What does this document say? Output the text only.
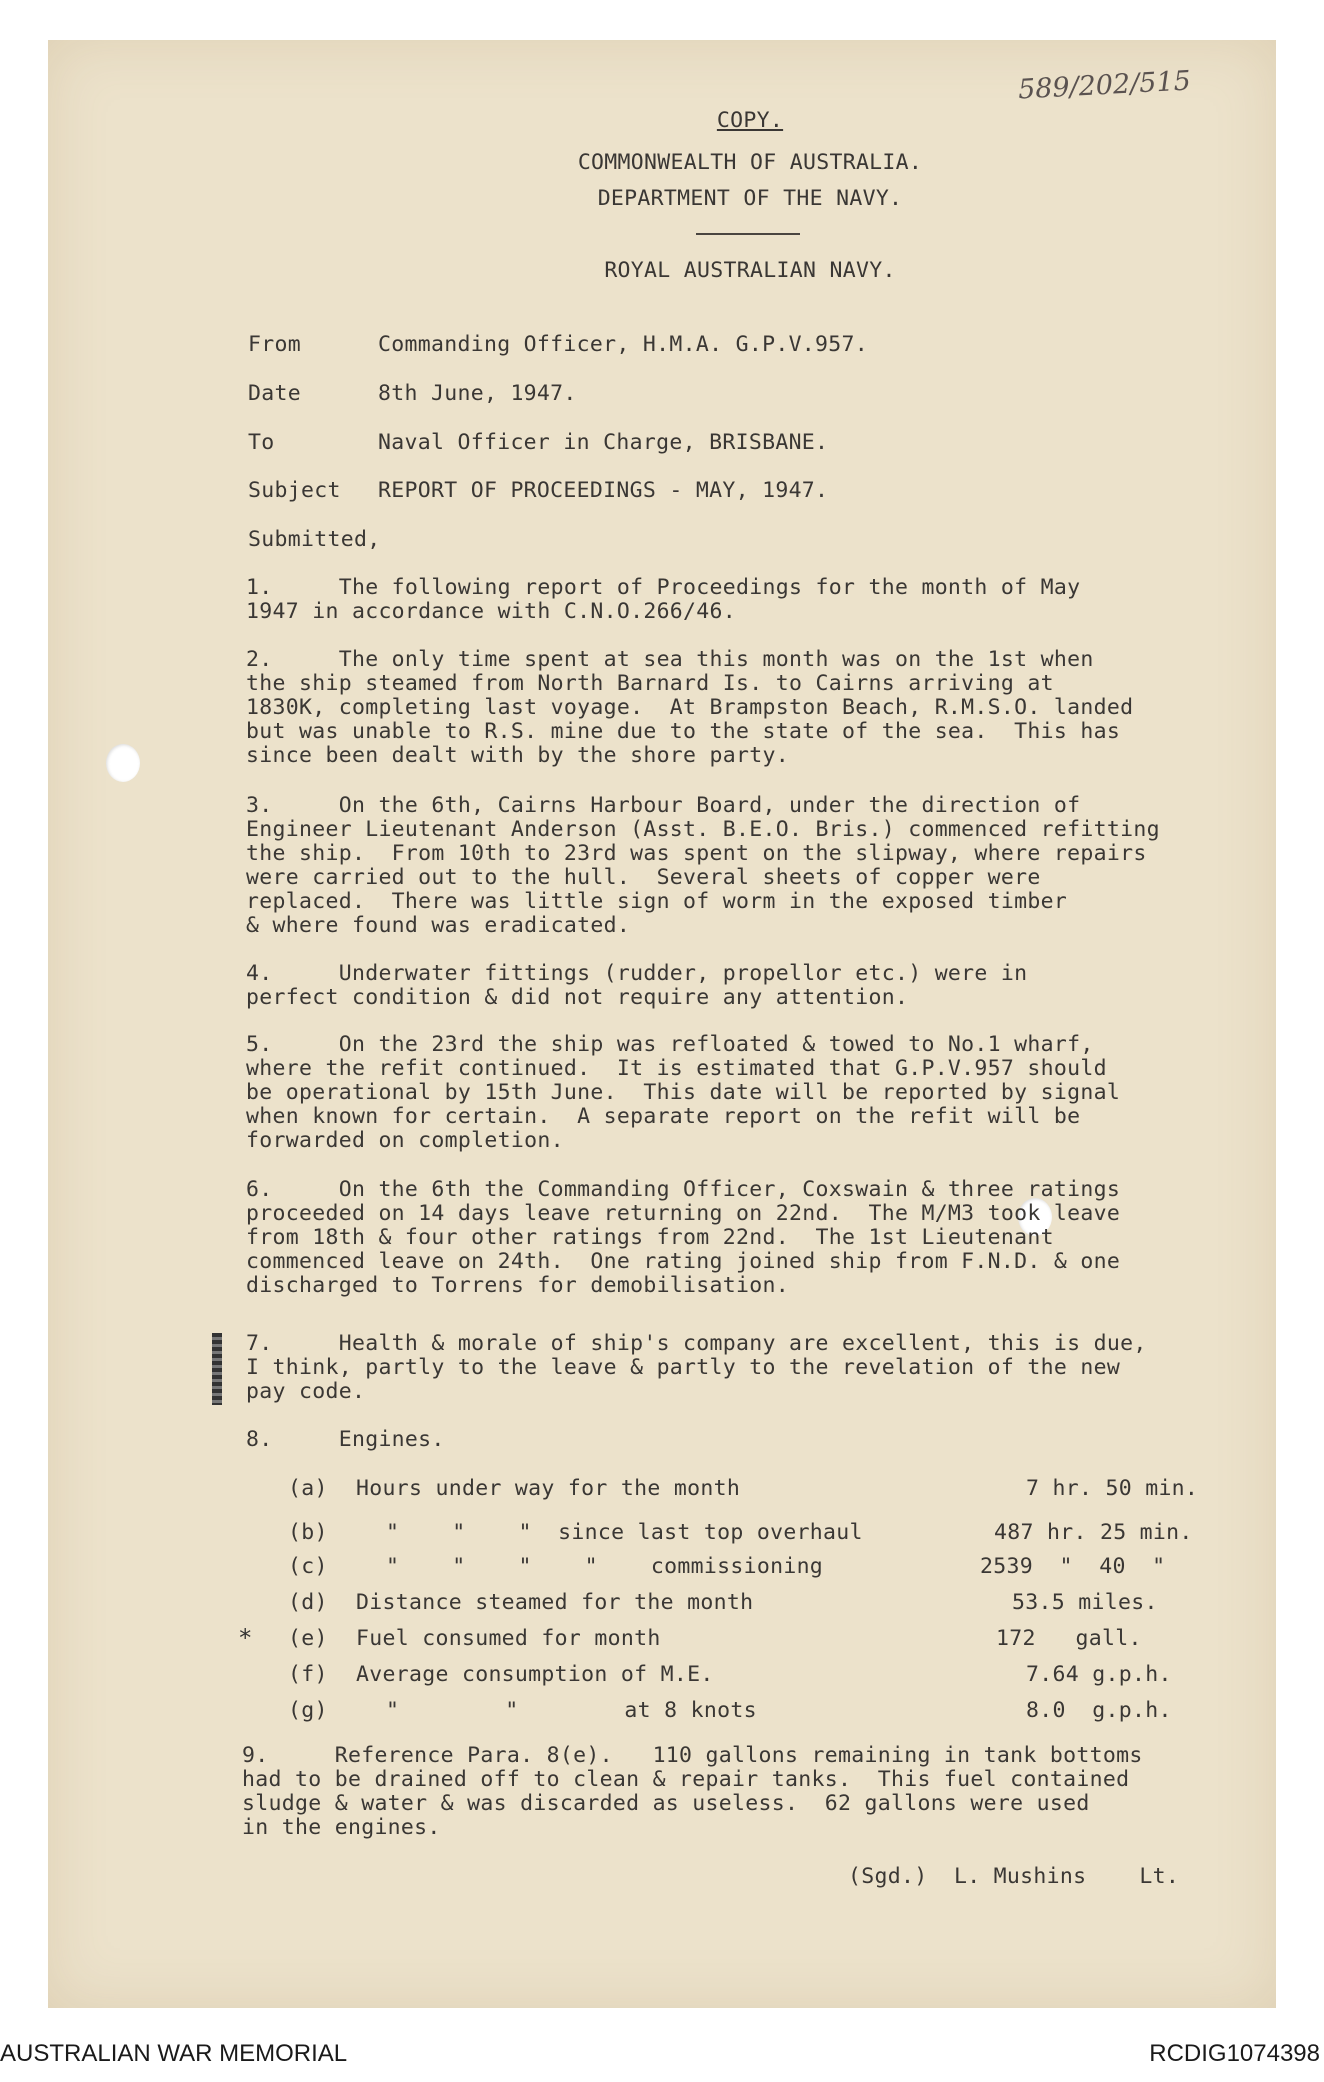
589/202/515
COPY.
COMMONWEALTH OF AUSTRALIA.
DEPARTMENT OF THE NAVY.
ROYAL AUSTRALIAN NAVY.
From	Commanding Officer, H.M.A. G.P.V.957.
Date	8th June, 1947.
To	Naval Officer in Charge, BRISBANE.
Subject REPORT OF PROCEEDINGS - MAY, 1947.
Submitted,
1.     The following report of Proceedings for the month of May
1947 in accordance with C.N.O.266/46.
2.     The only time spent at sea this month was on the 1st when
the ship steamed from North Barnard Is. to Cairns arriving at
1830K, completing last voyage.  At Brampston Beach, R.M.S.O. landed
but was unable to R.S. mine due to the state of the sea.  This has
since been dealt with by the shore party.
3.     On the 6th, Cairns Harbour Board, under the direction of
Engineer Lieutenant Anderson (Asst. B.E.O. Bris.) commenced refitting
the ship.  From 10th to 23rd was spent on the slipway, where repairs
were carried out to the hull.  Several sheets of copper were
replaced.  There was little sign of worm in the exposed timber
& where found was eradicated.
4.     Underwater fittings (rudder, propellor etc.) were in
perfect condition & did not require any attention.
5.     On the 23rd the ship was refloated & towed to No.1 wharf,
where the refit continued.  It is estimated that G.P.V.957 should
be operational by 15th June.  This date will be reported by signal
when known for certain.  A separate report on the refit will be
forwarded on completion.
6.     On the 6th the Commanding Officer, Coxswain & three ratings
proceeded on 14 days leave returning on 22nd.  The M/M3 took leave
from 18th & four other ratings from 22nd.  The 1st Lieutenant
commenced leave on 24th.  One rating joined ship from F.N.D. & one
discharged to Torrens for demobilisation.
7.     Health & morale of ship's company are excellent, this is due,
I think, partly to the leave & partly to the revelation of the new
pay code.
8.     Engines.
(a) Hours under way for the month	7 hr. 50 min.
(b)	"    "    "  since last top overhaul	487 hr. 25 min.
(c)	"    "    "    "    commissioning	2539  "  40  "
(d) Distance steamed for the month	53.5 miles.
* (e) Fuel consumed for month	172   gall.
(f) Average consumption of M.E.	7.64 g.p.h.
(g)	"        "        at 8 knots	8.0  g.p.h.
9.     Reference Para. 8(e).   110 gallons remaining in tank bottoms
had to be drained off to clean & repair tanks.  This fuel contained
sludge & water & was discarded as useless.  62 gallons were used
in the engines.
(Sgd.)  L. Mushins    Lt.
AUSTRALIAN WAR MEMORIAL	RCDIG1074398
